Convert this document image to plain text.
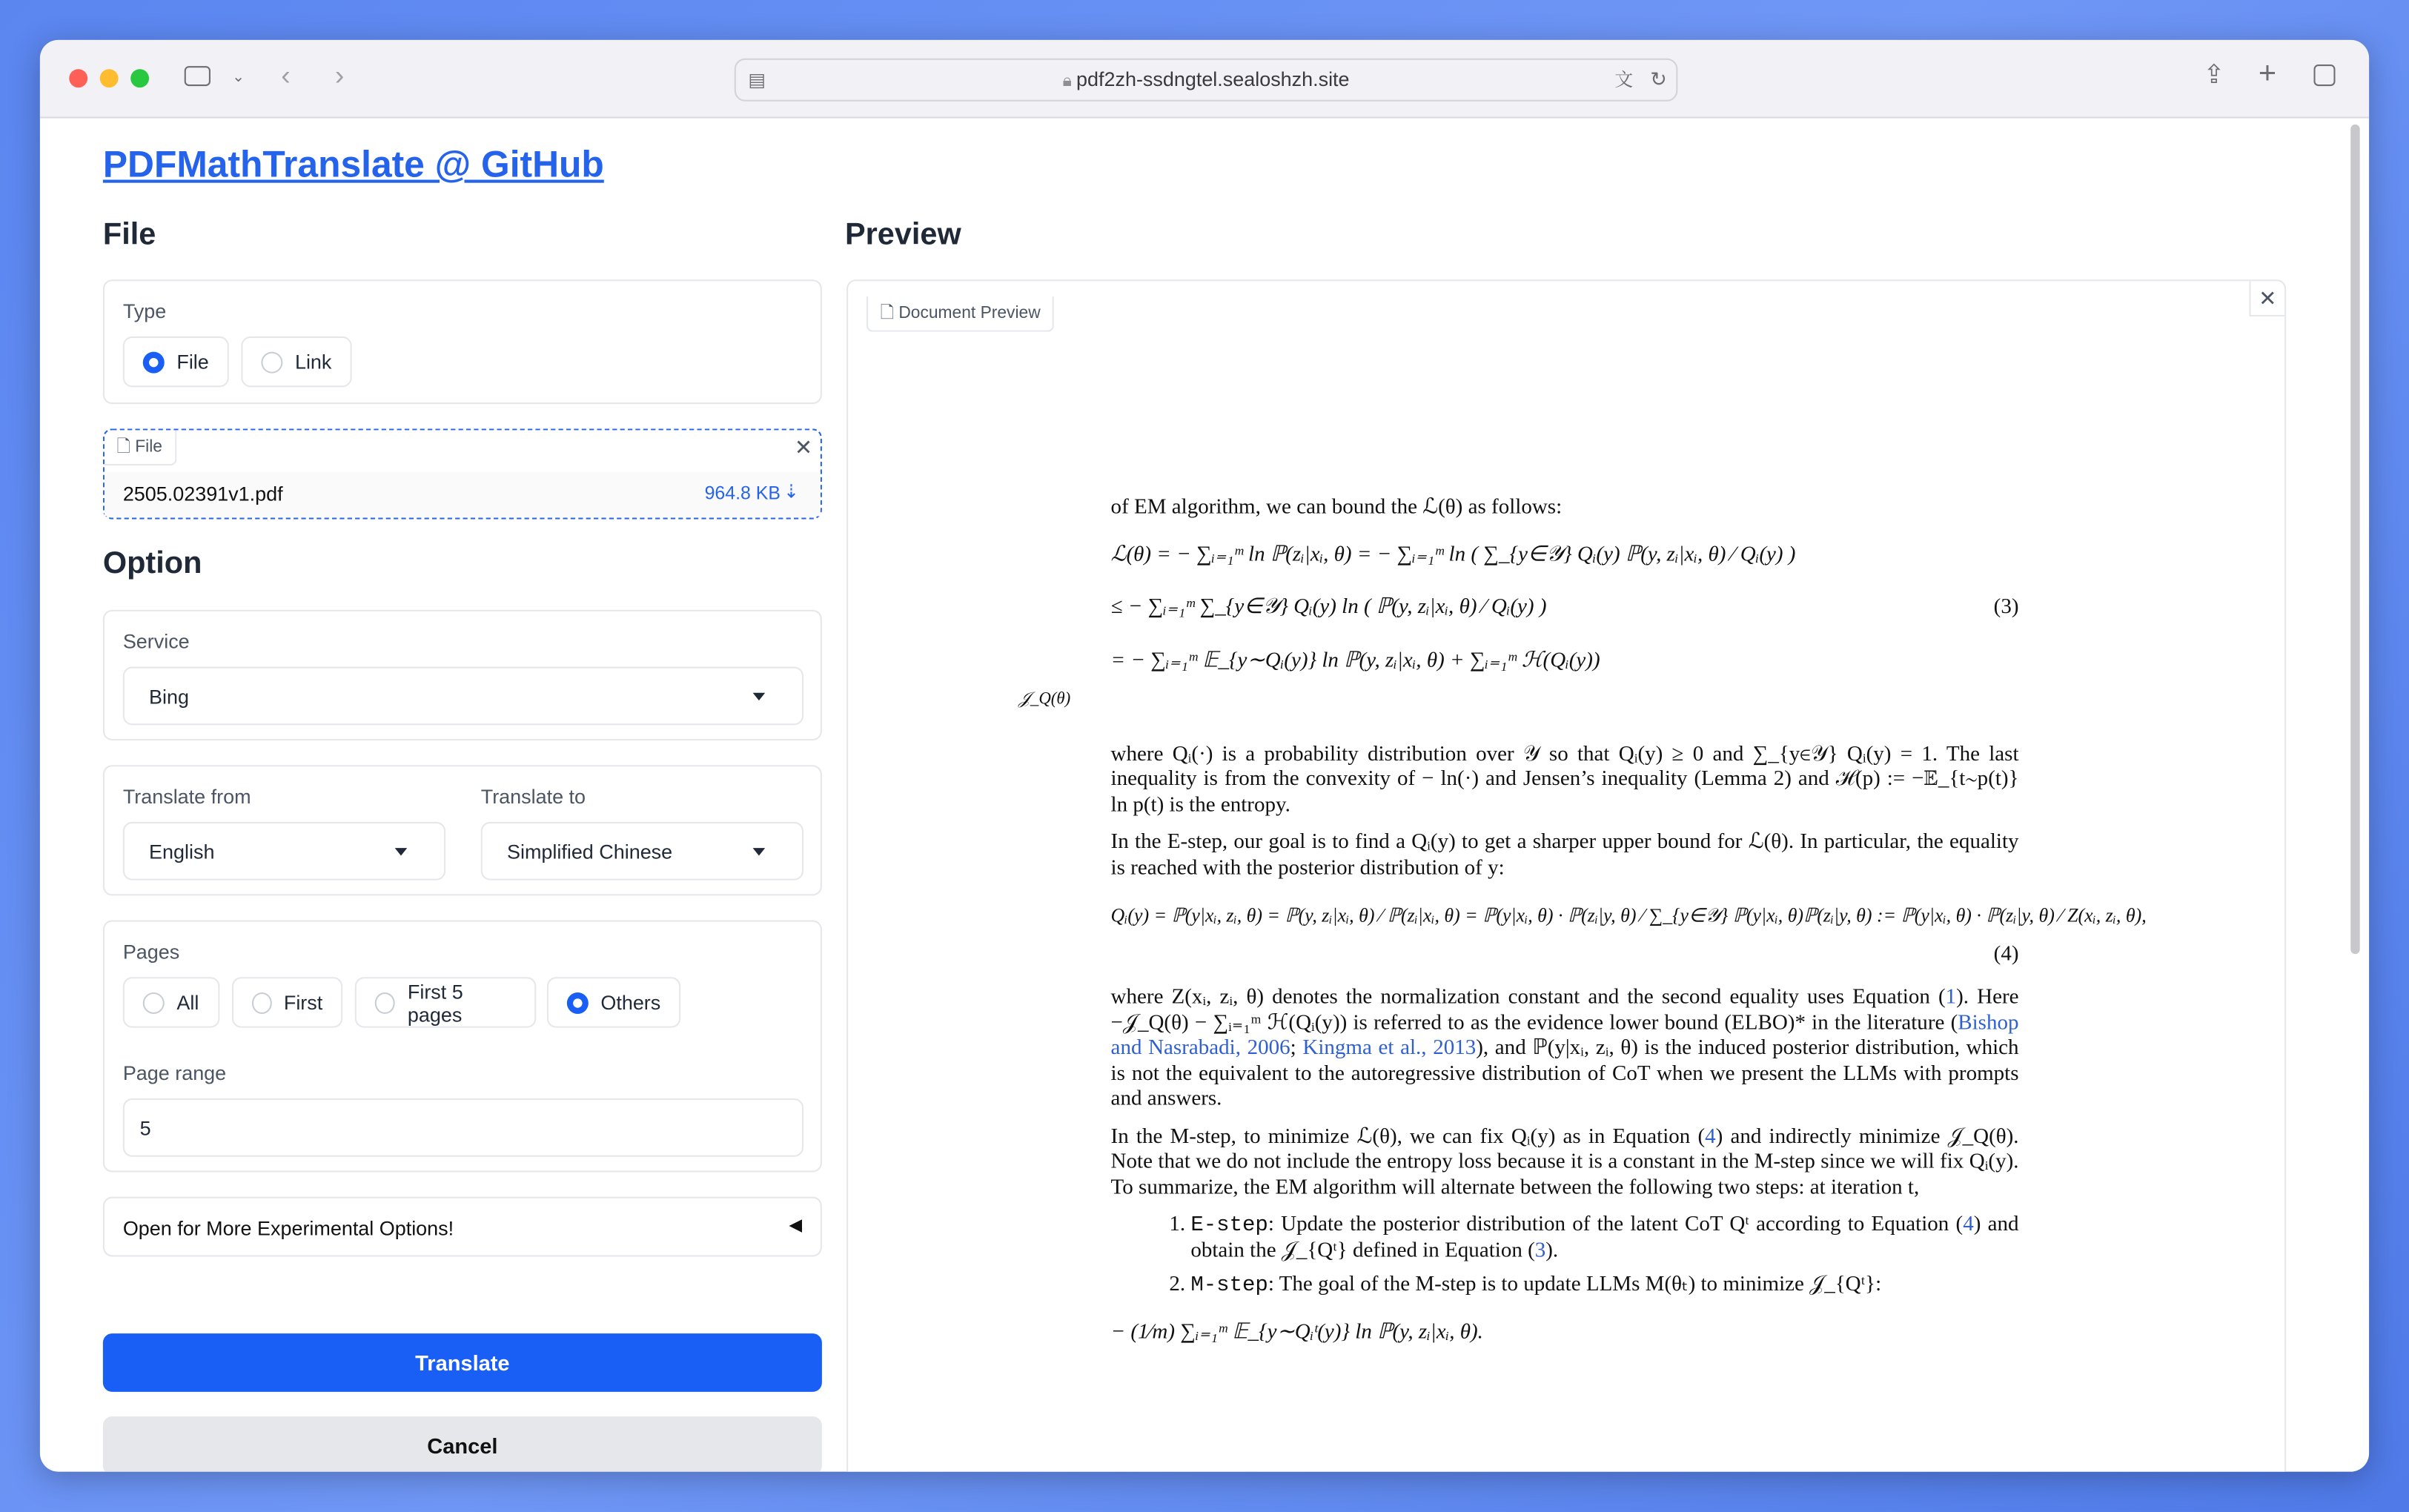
⌄	‹	›	▤	🔒︎ pdf2zh-ssdngtel.sealoshzh.site	文 ↻	⇪ +
PDFMathTranslate @ GitHub
File
Type
File	Link
🗋︎ File	✕
2505.02391v1.pdf	964.8 KB ⇣
Option
Service
Bing
Translate from
English
Translate to
Simplified Chinese
Pages
All	First	First 5 pages	Others
Page range
5
Open for More Experimental Options!	◀
Translate
Cancel
Preview
🗋︎ Document Preview
✕

of EM algorithm, we can bound the ℒ(θ) as follows:

ℒ(θ) = − ∑ᵢ₌₁ᵐ ln ℙ(zᵢ|xᵢ, θ) = − ∑ᵢ₌₁ᵐ ln ( ∑_{y∈𝒴} Qᵢ(y) ℙ(y, zᵢ|xᵢ, θ) ⁄ Qᵢ(y) )

≤ − ∑ᵢ₌₁ᵐ ∑_{y∈𝒴} Qᵢ(y) ln ( ℙ(y, zᵢ|xᵢ, θ) ⁄ Qᵢ(y) )	(3)

= − ∑ᵢ₌₁ᵐ 𝔼_{y∼Qᵢ(y)} ln ℙ(y, zᵢ|xᵢ, θ) + ∑ᵢ₌₁ᵐ ℋ(Qᵢ(y))

𝒥_Q(θ)

where Qᵢ(·) is a probability distribution over 𝒴 so that Qᵢ(y) ≥ 0 and ∑_{y∈𝒴} Qᵢ(y) = 1. The last inequality is from the convexity of − ln(·) and Jensen’s inequality (Lemma 2) and ℋ(p) := −𝔼_{t∼p(t)} ln p(t) is the entropy.

In the E-step, our goal is to find a Qᵢ(y) to get a sharper upper bound for ℒ(θ). In particular, the equality is reached with the posterior distribution of y:

Qᵢ(y) = ℙ(y|xᵢ, zᵢ, θ) = ℙ(y, zᵢ|xᵢ, θ) ⁄ ℙ(zᵢ|xᵢ, θ) = ℙ(y|xᵢ, θ) · ℙ(zᵢ|y, θ) ⁄ ∑_{y∈𝒴} ℙ(y|xᵢ, θ)ℙ(zᵢ|y, θ) := ℙ(y|xᵢ, θ) · ℙ(zᵢ|y, θ) ⁄ Z(xᵢ, zᵢ, θ),

(4)

where Z(xᵢ, zᵢ, θ) denotes the normalization constant and the second equality uses Equation (1). Here −𝒥_Q(θ) − ∑ᵢ₌₁ᵐ ℋ(Qᵢ(y)) is referred to as the evidence lower bound (ELBO)* in the literature (Bishop and Nasrabadi, 2006; Kingma et al., 2013), and ℙ(y|xᵢ, zᵢ, θ) is the induced posterior distribution, which is not the equivalent to the autoregressive distribution of CoT when we present the LLMs with prompts and answers.

In the M-step, to minimize ℒ(θ), we can fix Qᵢ(y) as in Equation (4) and indirectly minimize 𝒥_Q(θ). Note that we do not include the entropy loss because it is a constant in the M-step since we will fix Qᵢ(y). To summarize, the EM algorithm will alternate between the following two steps: at iteration t,

1. E-step: Update the posterior distribution of the latent CoT Qᵗ according to Equation (4) and obtain the 𝒥_{Qᵗ} defined in Equation (3).
2. M-step: The goal of the M-step is to update LLMs M(θₜ) to minimize 𝒥_{Qᵗ}:

− (1⁄m) ∑ᵢ₌₁ᵐ 𝔼_{y∼Qᵢᵗ(y)} ln ℙ(y, zᵢ|xᵢ, θ).
